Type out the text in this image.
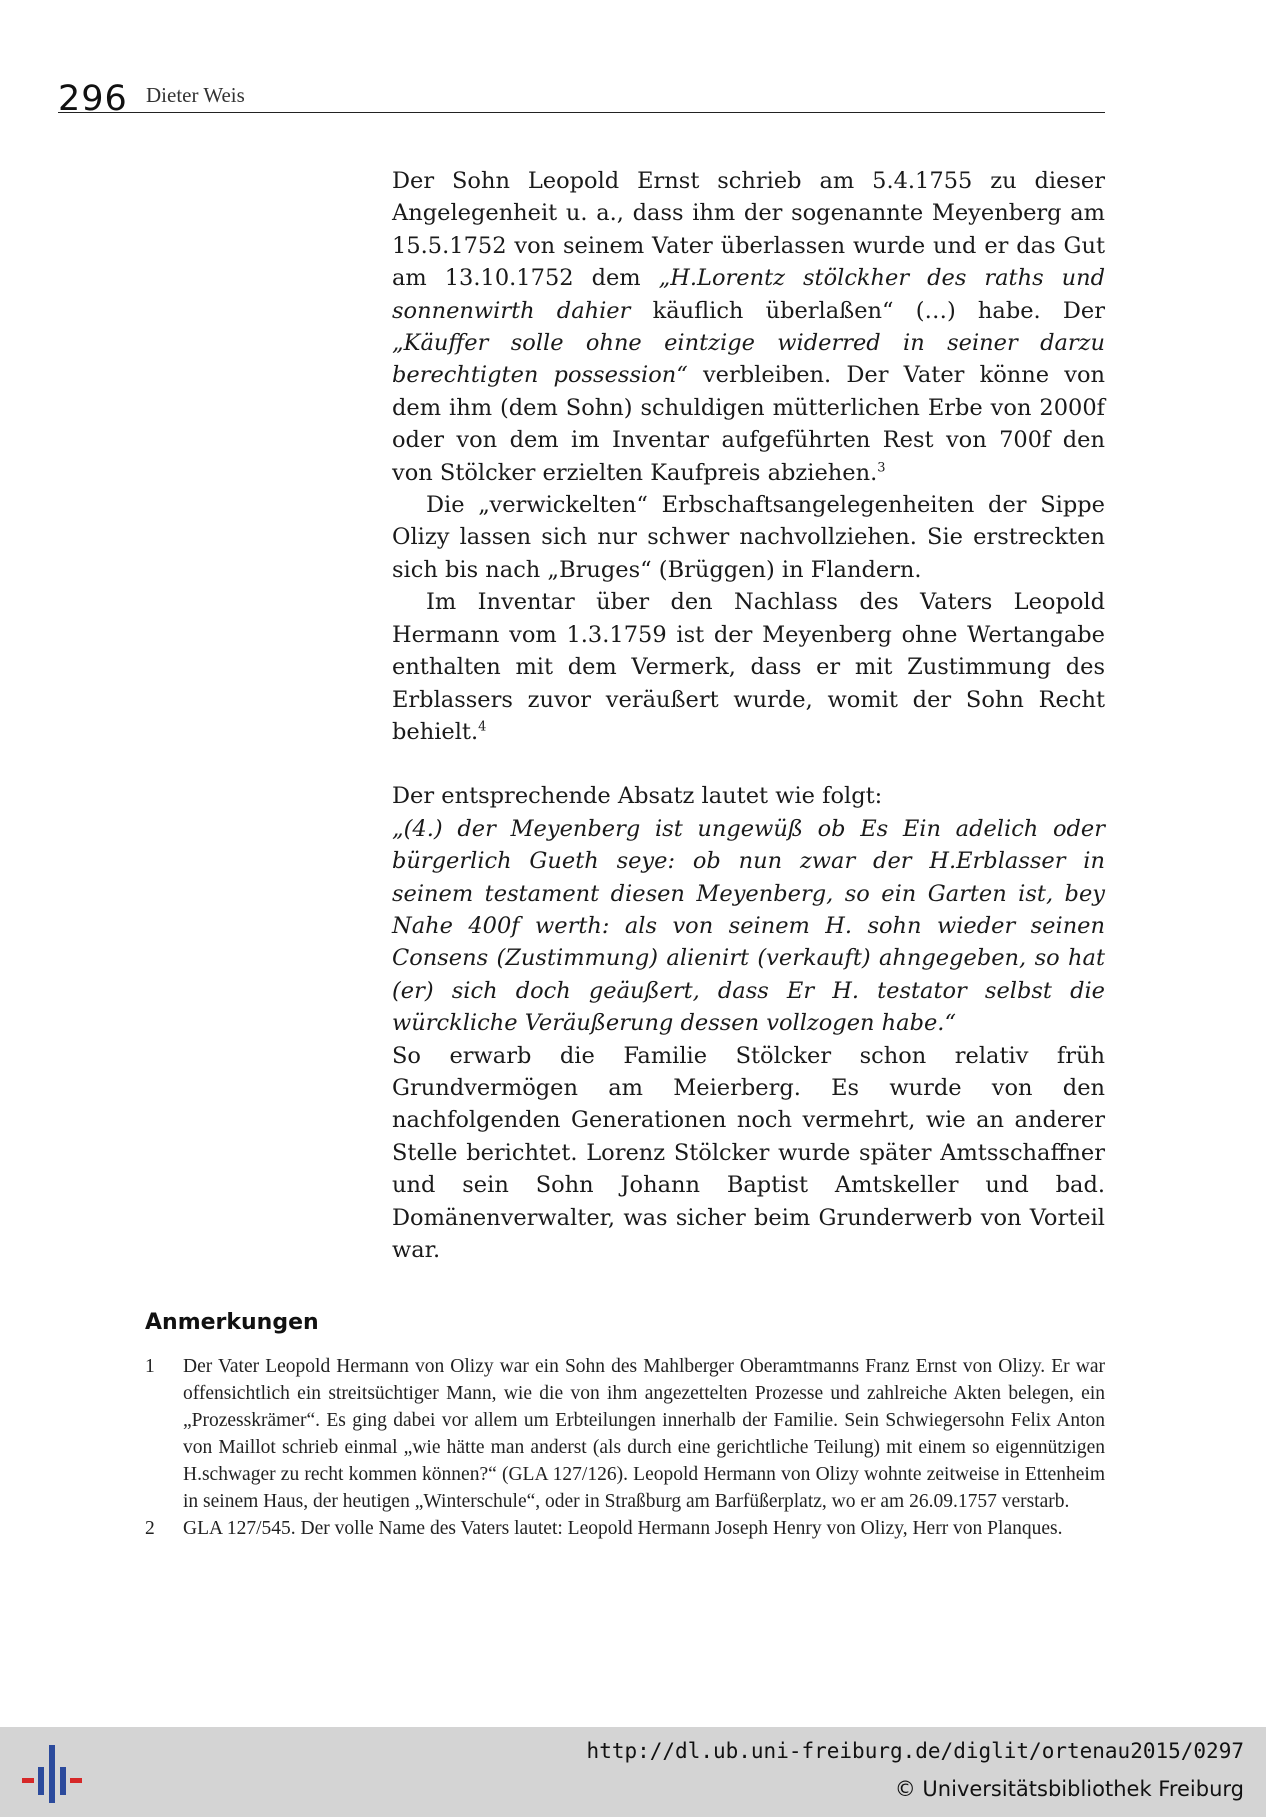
296 Dieter Weis

Der Sohn Leopold Ernst schrieb am 5.4.1755 zu dieser Angelegenheit u. a., dass ihm der sogenannte Meyenberg am 15.5.1752 von seinem Vater überlassen wurde und er das Gut am 13.10.1752 dem „H.Lorentz stölckher des raths und sonnenwirth dahier käuflich überlaßen“ (…) habe. Der „Käuffer solle ohne eintzige widerred in seiner darzu berechtigten possession“ verbleiben. Der Vater könne von dem ihm (dem Sohn) schuldigen mütterlichen Erbe von 2000f oder von dem im Inventar aufgeführten Rest von 700f den von Stölcker erzielten Kaufpreis abziehen.$^3$

Die „verwickelten“ Erbschaftsangelegenheiten der Sippe Olizy lassen sich nur schwer nachvollziehen. Sie erstreckten sich bis nach „Bruges“ (Brüggen) in Flandern.

Im Inventar über den Nachlass des Vaters Leopold Hermann vom 1.3.1759 ist der Meyenberg ohne Wertangabe enthalten mit dem Vermerk, dass er mit Zustimmung des Erblassers zuvor veräußert wurde, womit der Sohn Recht behielt.$^4$

Der entsprechende Absatz lautet wie folgt:

„(4.) der Meyenberg ist ungewüß ob Es Ein adelich oder bürgerlich Gueth seye: ob nun zwar der H.Erblasser in seinem testament diesen Meyenberg, so ein Garten ist, bey Nahe 400f werth: als von seinem H. sohn wieder seinen Consens (Zustimmung) alienirt (verkauft) ahngegeben, so hat (er) sich doch geäußert, dass Er H. testator selbst die würckliche Veräußerung dessen vollzogen habe.“

So erwarb die Familie Stölcker schon relativ früh Grundvermögen am Meierberg. Es wurde von den nachfolgenden Generationen noch vermehrt, wie an anderer Stelle berichtet. Lorenz Stölcker wurde später Amtsschaffner und sein Sohn Johann Baptist Amtskeller und bad. Domänenverwalter, was sicher beim Grunderwerb von Vorteil war.

Anmerkungen
1	Der Vater Leopold Hermann von Olizy war ein Sohn des Mahlberger Oberamtmanns Franz Ernst von Olizy. Er war offensichtlich ein streitsüchtiger Mann, wie die von ihm angezettelten Prozesse und zahlreiche Akten belegen, ein „Prozesskrämer“. Es ging dabei vor allem um Erbteilungen innerhalb der Familie. Sein Schwiegersohn Felix Anton von Maillot schrieb einmal „wie hätte man anderst (als durch eine gerichtliche Teilung) mit einem so eigennützigen H.schwager zu recht kommen können?“ (GLA 127/126). Leopold Hermann von Olizy wohnte zeitweise in Ettenheim in seinem Haus, der heutigen „Winterschule“, oder in Straßburg am Barfüßerplatz, wo er am 26.09.1757 verstarb.
2	GLA 127/545. Der volle Name des Vaters lautet: Leopold Hermann Joseph Henry von Olizy, Herr von Planques.
http://dl.ub.uni-freiburg.de/diglit/ortenau2015/0297
© Universitätsbibliothek Freiburg
